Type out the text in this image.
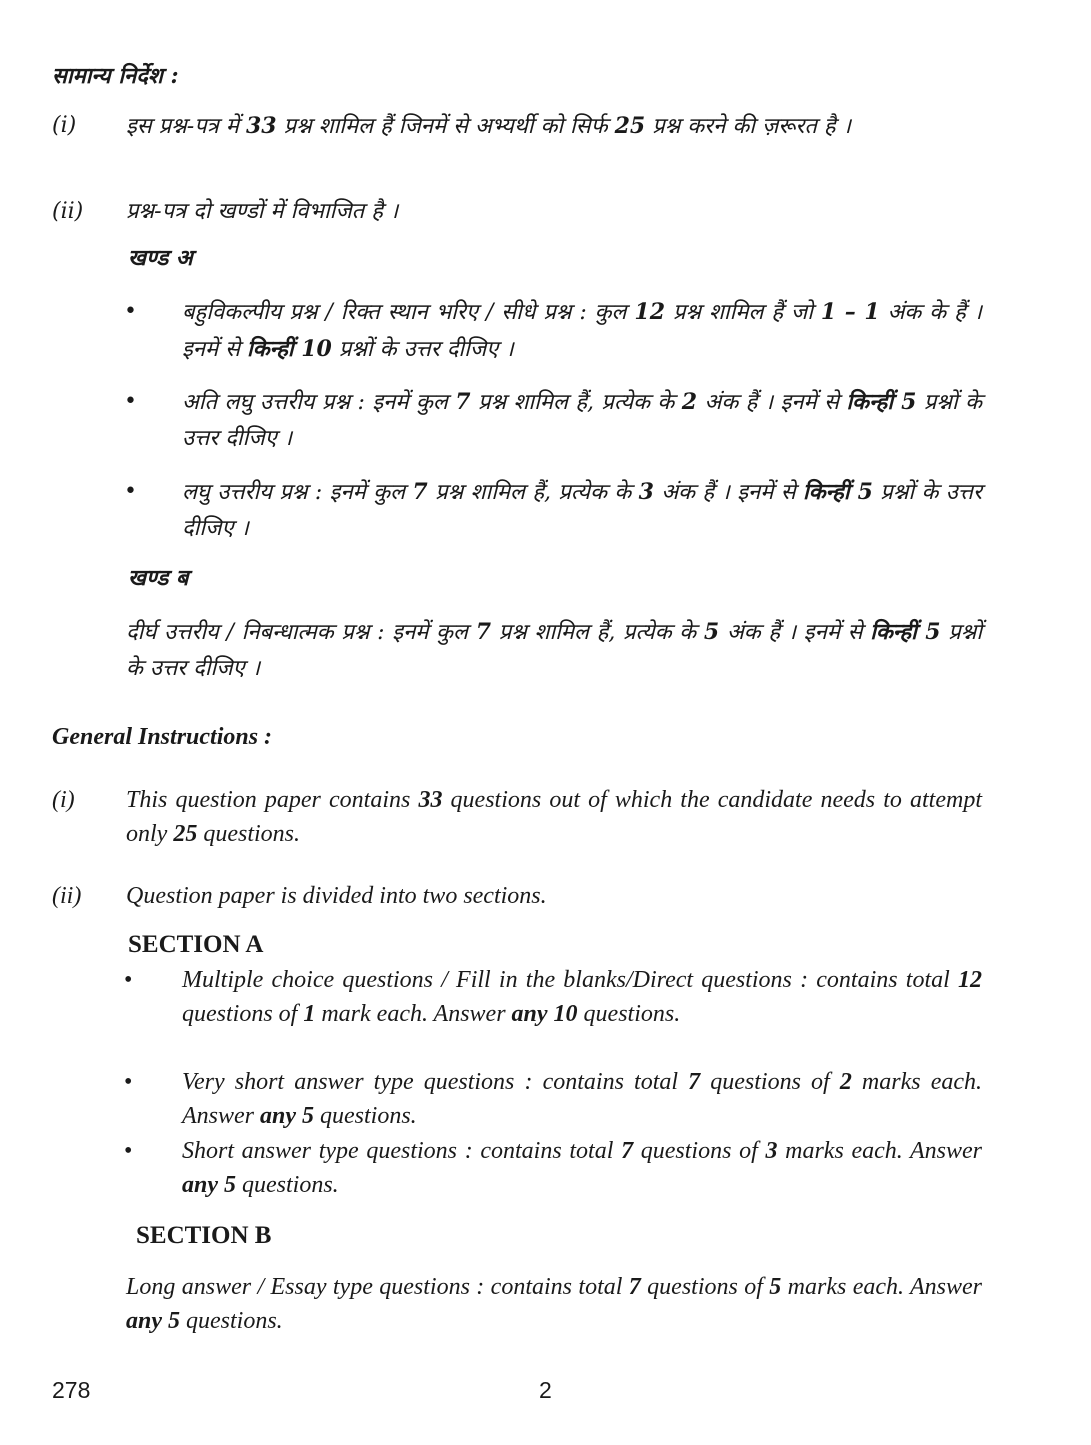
सामान्य निर्देश :
(i)	इस प्रश्न-पत्र में 33 प्रश्न शामिल हैं जिनमें से अभ्यर्थी को सिर्फ 25 प्रश्न करने की ज़रूरत है ।
(ii)	प्रश्न-पत्र दो खण्डों में विभाजित है ।
खण्ड अ
•	बहुविकल्पीय प्रश्न / रिक्त स्थान भरिए / सीधे प्रश्न : कुल 12 प्रश्न शामिल हैं जो 1 – 1 अंक के हैं । इनमें से किन्हीं 10 प्रश्नों के उत्तर दीजिए ।
•	अति लघु उत्तरीय प्रश्न : इनमें कुल 7 प्रश्न शामिल हैं, प्रत्येक के 2 अंक हैं । इनमें से किन्हीं 5 प्रश्नों के उत्तर दीजिए ।
•	लघु उत्तरीय प्रश्न : इनमें कुल 7 प्रश्न शामिल हैं, प्रत्येक के 3 अंक हैं । इनमें से किन्हीं 5 प्रश्नों के उत्तर दीजिए ।
खण्ड ब
दीर्घ उत्तरीय / निबन्धात्मक प्रश्न : इनमें कुल 7 प्रश्न शामिल हैं, प्रत्येक के 5 अंक हैं । इनमें से किन्हीं 5 प्रश्नों के उत्तर दीजिए ।
General Instructions :
(i)	This question paper contains 33 questions out of which the candidate needs to attempt only 25 questions.
(ii)	Question paper is divided into two sections.
SECTION A
•	Multiple choice questions / Fill in the blanks/Direct questions : contains total 12 questions of 1 mark each. Answer any 10 questions.
•	Very short answer type questions : contains total 7 questions of 2 marks each. Answer any 5 questions.
•	Short answer type questions : contains total 7 questions of 3 marks each. Answer any 5 questions.
SECTION B
Long answer / Essay type questions : contains total 7 questions of 5 marks each. Answer any 5 questions.
278	2
